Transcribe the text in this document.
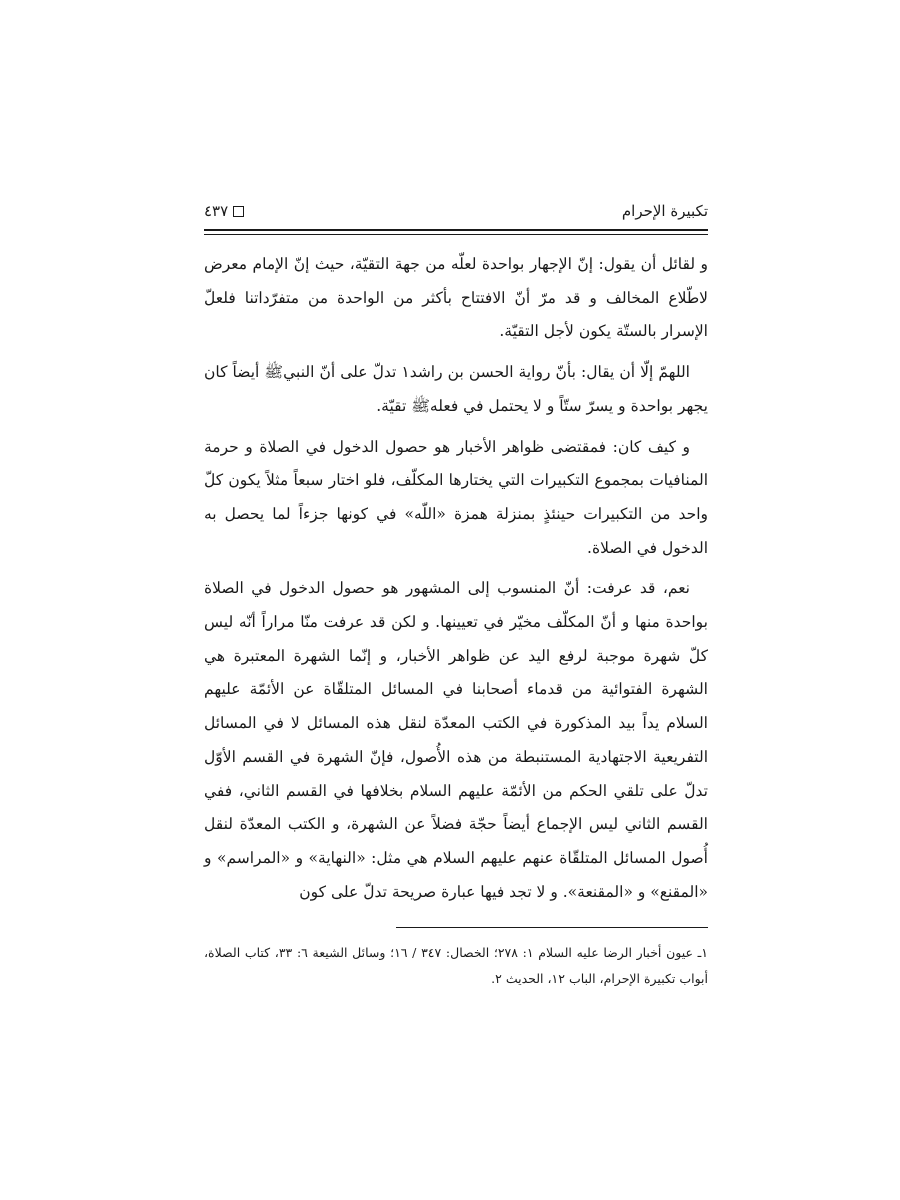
تكبيرة الإحرام
٤٣٧

و لقائل أن يقول: إنّ الإجهار بواحدة لعلّه من جهة التقيّة، حيث إنّ الإمام معرض لاطّلاع المخالف و قد مرّ أنّ الافتتاح بأكثر من الواحدة من متفرّداتنا فلعلّ الإسرار بالستّة يكون لأجل التقيّة.

اللهمّ إلّا أن يقال: بأنّ رواية الحسن بن راشد١ تدلّ على أنّ النبيﷺ أيضاً كان يجهر بواحدة و يسرّ ستّاً و لا يحتمل في فعلهﷺ تقيّة.

و كيف كان: فمقتضى ظواهر الأخبار هو حصول الدخول في الصلاة و حرمة المنافيات بمجموع التكبيرات التي يختارها المكلّف، فلو اختار سبعاً مثلاً يكون كلّ واحد من التكبيرات حينئذٍ بمنزلة همزة «اللّه» في كونها جزءاً لما يحصل به الدخول في الصلاة.

نعم، قد عرفت: أنّ المنسوب إلى المشهور هو حصول الدخول في الصلاة بواحدة منها و أنّ المكلّف مخيّر في تعيينها. و لكن قد عرفت منّا مراراً أنّه ليس كلّ شهرة موجبة لرفع اليد عن ظواهر الأخبار، و إنّما الشهرة المعتبرة هي الشهرة الفتوائية من قدماء أصحابنا في المسائل المتلقّاة عن الأئمّة عليهم السلام يداً بيد المذكورة في الكتب المعدّة لنقل هذه المسائل لا في المسائل التفريعية الاجتهادية المستنبطة من هذه الأُصول، فإنّ الشهرة في القسم الأوّل تدلّ على تلقي الحكم من الأئمّة عليهم السلام بخلافها في القسم الثاني، ففي القسم الثاني ليس الإجماع أيضاً حجّة فضلاً عن الشهرة، و الكتب المعدّة لنقل أُصول المسائل المتلقّاة عنهم عليهم السلام هي مثل: «النهاية» و «المراسم» و «المقنع» و «المقنعة». و لا تجد فيها عبارة صريحة تدلّ على كون

١ـ عيون أخبار الرضا عليه السلام ١: ٢٧٨؛ الخصال: ٣٤٧ / ١٦؛ وسائل الشيعة ٦: ٣٣، كتاب الصلاة، أبواب تكبيرة الإحرام، الباب ١٢، الحديث ٢.
